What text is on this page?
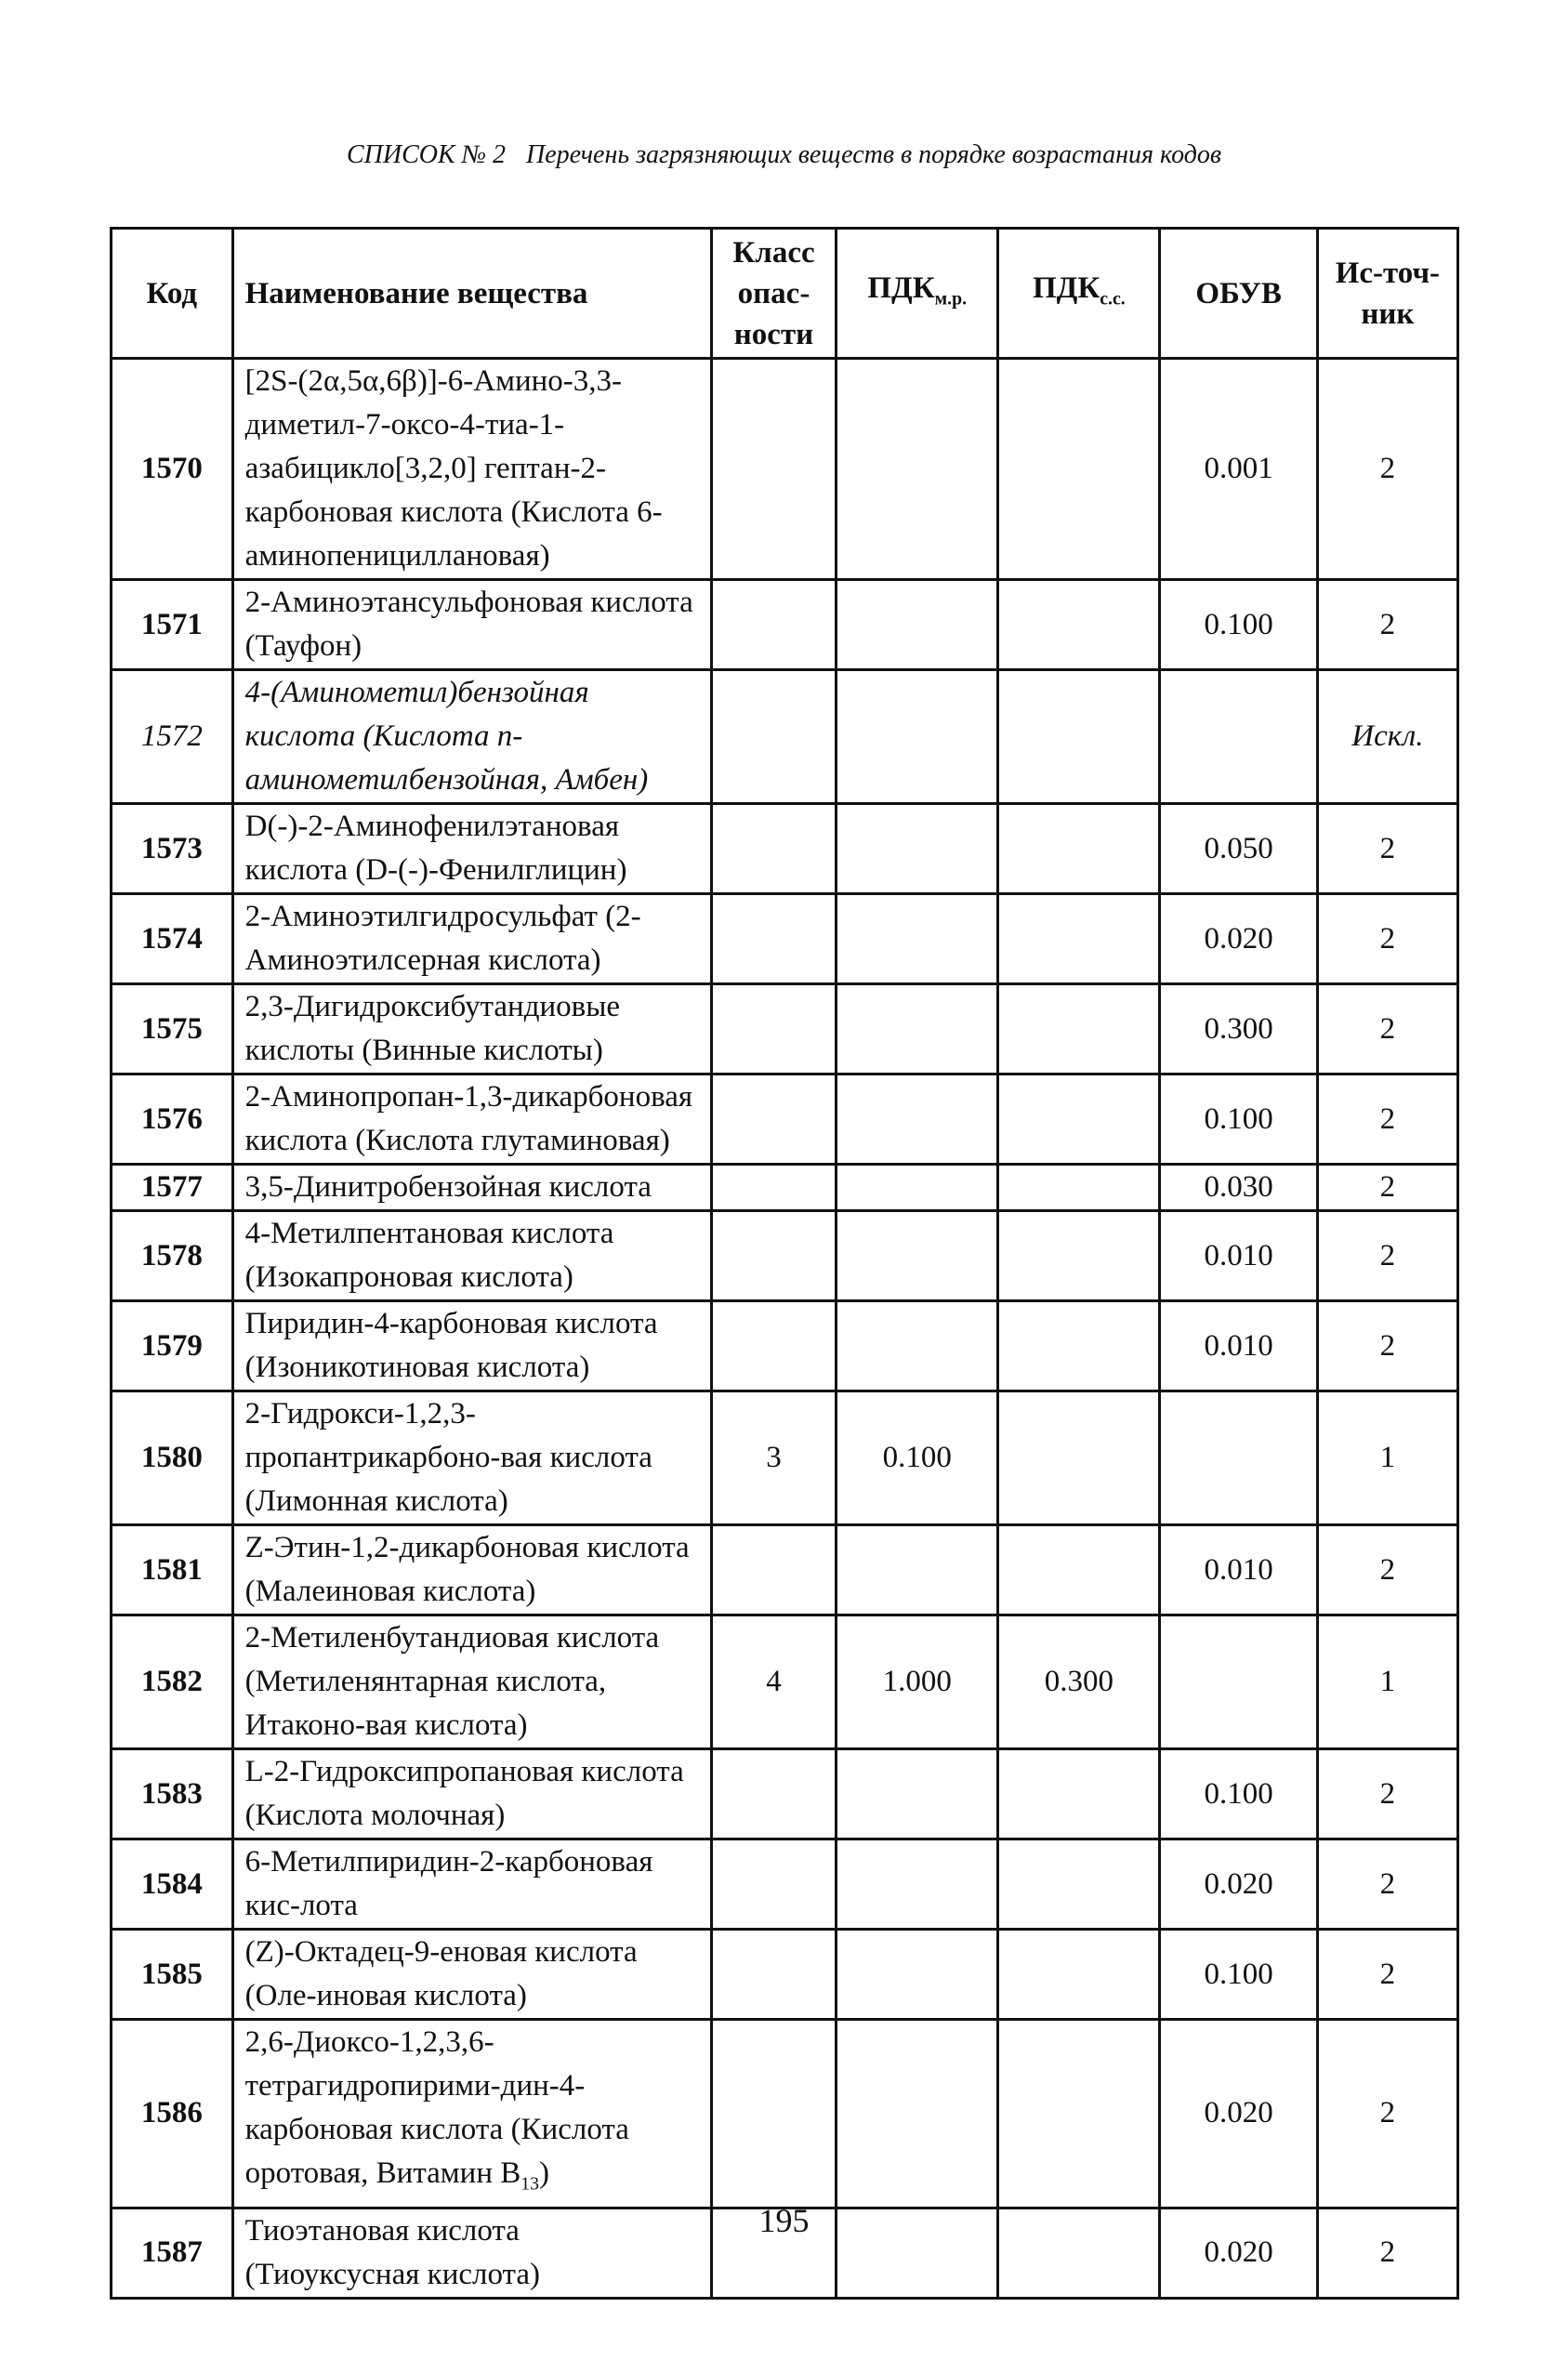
СПИСОК № 2 Перечень загрязняющих веществ в порядке возрастания кодов
Код	Наименование вещества	Класс опас-ности	$ПДК_{м.р.}$	$ПДК_{с.с.}$	ОБУВ	Ис-точ-ник
1570	[2S-(2α,5α,6β)]-6-Амино-3,3-диметил-7-оксо-4-тиа-1-азабицикло[3,2,0] гептан-2-карбоновая кислота (Кислота 6-аминопенициллановая)				0.001	2
1571	2-Аминоэтансульфоновая кислота (Тауфон)				0.100	2
1572	4-(Аминометил)бензойная кислота (Кислота п-аминометилбензойная, Амбен)					Искл.
1573	D(-)-2-Аминофенилэтановая кислота (D-(-)-Фенилглицин)				0.050	2
1574	2-Аминоэтилгидросульфат (2-Аминоэтилсерная кислота)				0.020	2
1575	2,3-Дигидроксибутандиовые кислоты (Винные кислоты)				0.300	2
1576	2-Аминопропан-1,3-дикарбоновая кислота (Кислота глутаминовая)				0.100	2
1577	3,5-Динитробензойная кислота				0.030	2
1578	4-Метилпентановая кислота (Изокапроновая кислота)				0.010	2
1579	Пиридин-4-карбоновая кислота (Изоникотиновая кислота)				0.010	2
1580	2-Гидрокси-1,2,3-пропантрикарбоно-вая кислота (Лимонная кислота)	3	0.100			1
1581	Z-Этин-1,2-дикарбоновая кислота (Малеиновая кислота)				0.010	2
1582	2-Метиленбутандиовая кислота (Метиленянтарная кислота, Итаконо-вая кислота)	4	1.000	0.300		1
1583	L-2-Гидроксипропановая кислота (Кислота молочная)				0.100	2
1584	6-Метилпиридин-2-карбоновая кис-лота				0.020	2
1585	(Z)-Октадец-9-еновая кислота (Оле-иновая кислота)				0.100	2
1586	2,6-Диоксо-1,2,3,6-тетрагидропирими-дин-4-карбоновая кислота (Кислота оротовая, Витамин $B_{13}$)				0.020	2
1587	Тиоэтановая кислота (Тиоуксусная кислота)				0.020	2
195
